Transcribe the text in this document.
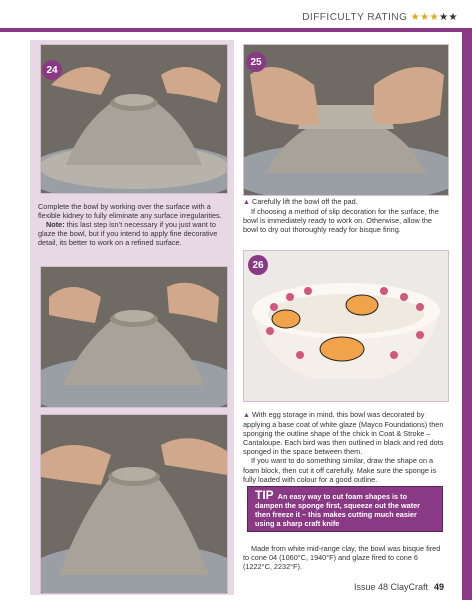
DIFFICULTY RATING ★★★★★
24
25
26

Complete the bowl by working over the surface with a flexible kidney to fully eliminate any surface irregularities.

Note: this last step isn’t necessary if you just want to glaze the bowl, but if you intend to apply fine decorative detail, its better to work on a refined surface.

▲ Carefully lift the bowl off the pad.

If choosing a method of slip decoration for the surface, the bowl is immediately ready to work on. Otherwise, allow the bowl to dry out thoroughly ready for bisque firing.

▲ With egg storage in mind, this bowl was decorated by applying a base coat of white glaze (Mayco Foundations) then sponging the outline shape of the chick in Coat & Stroke – Cantaloupe. Each bird was then outlined in black and red dots sponged in the space between them.

If you want to do something similar, draw the shape on a foam block, then cut it off carefully. Make sure the sponge is fully loaded with colour for a good outline.

TIP An easy way to cut foam shapes is to dampen the sponge first, squeeze out the water then freeze it – this makes cutting much easier using a sharp craft knife

Made from white mid-range clay, the bowl was bisque fired to cone 04 (1060°C, 1940°F) and glaze fired to cone 6 (1222°C, 2232°F).

Issue 48 ClayCraft 49
